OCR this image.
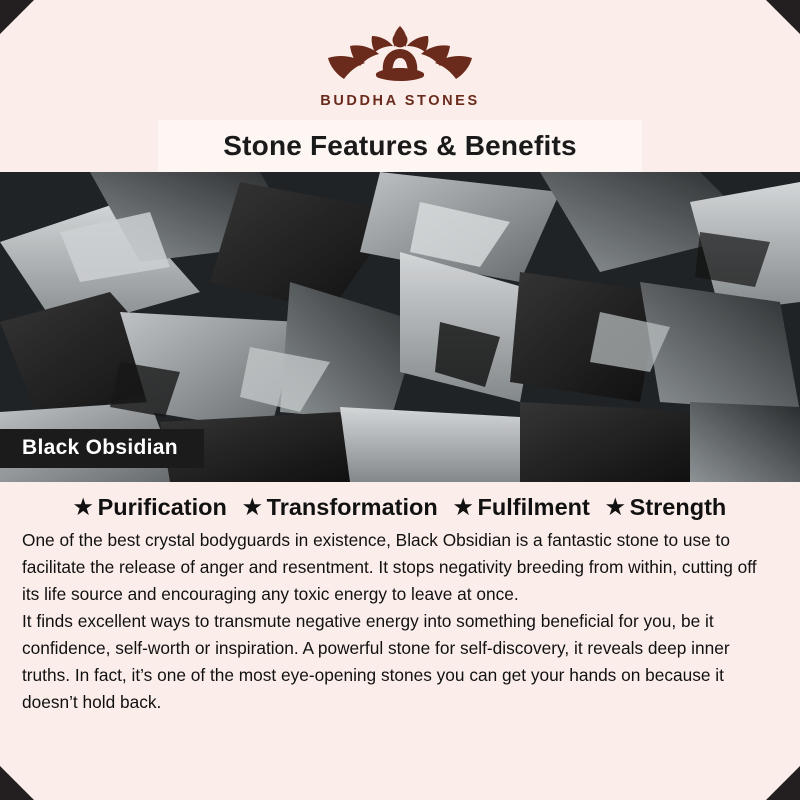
BUDDHA STONES
Stone Features & Benefits
Black Obsidian
★ Purification ★ Transformation ★ Fulfilment ★ Strength

One of the best crystal bodyguards in existence, Black Obsidian is a fantastic stone to use to facilitate the release of anger and resentment. It stops negativity breeding from within, cutting off its life source and encouraging any toxic energy to leave at once.

It finds excellent ways to transmute negative energy into something beneficial for you, be it confidence, self-worth or inspiration. A powerful stone for self-discovery, it reveals deep inner truths. In fact, it’s one of the most eye-opening stones you can get your hands on because it doesn’t hold back.
